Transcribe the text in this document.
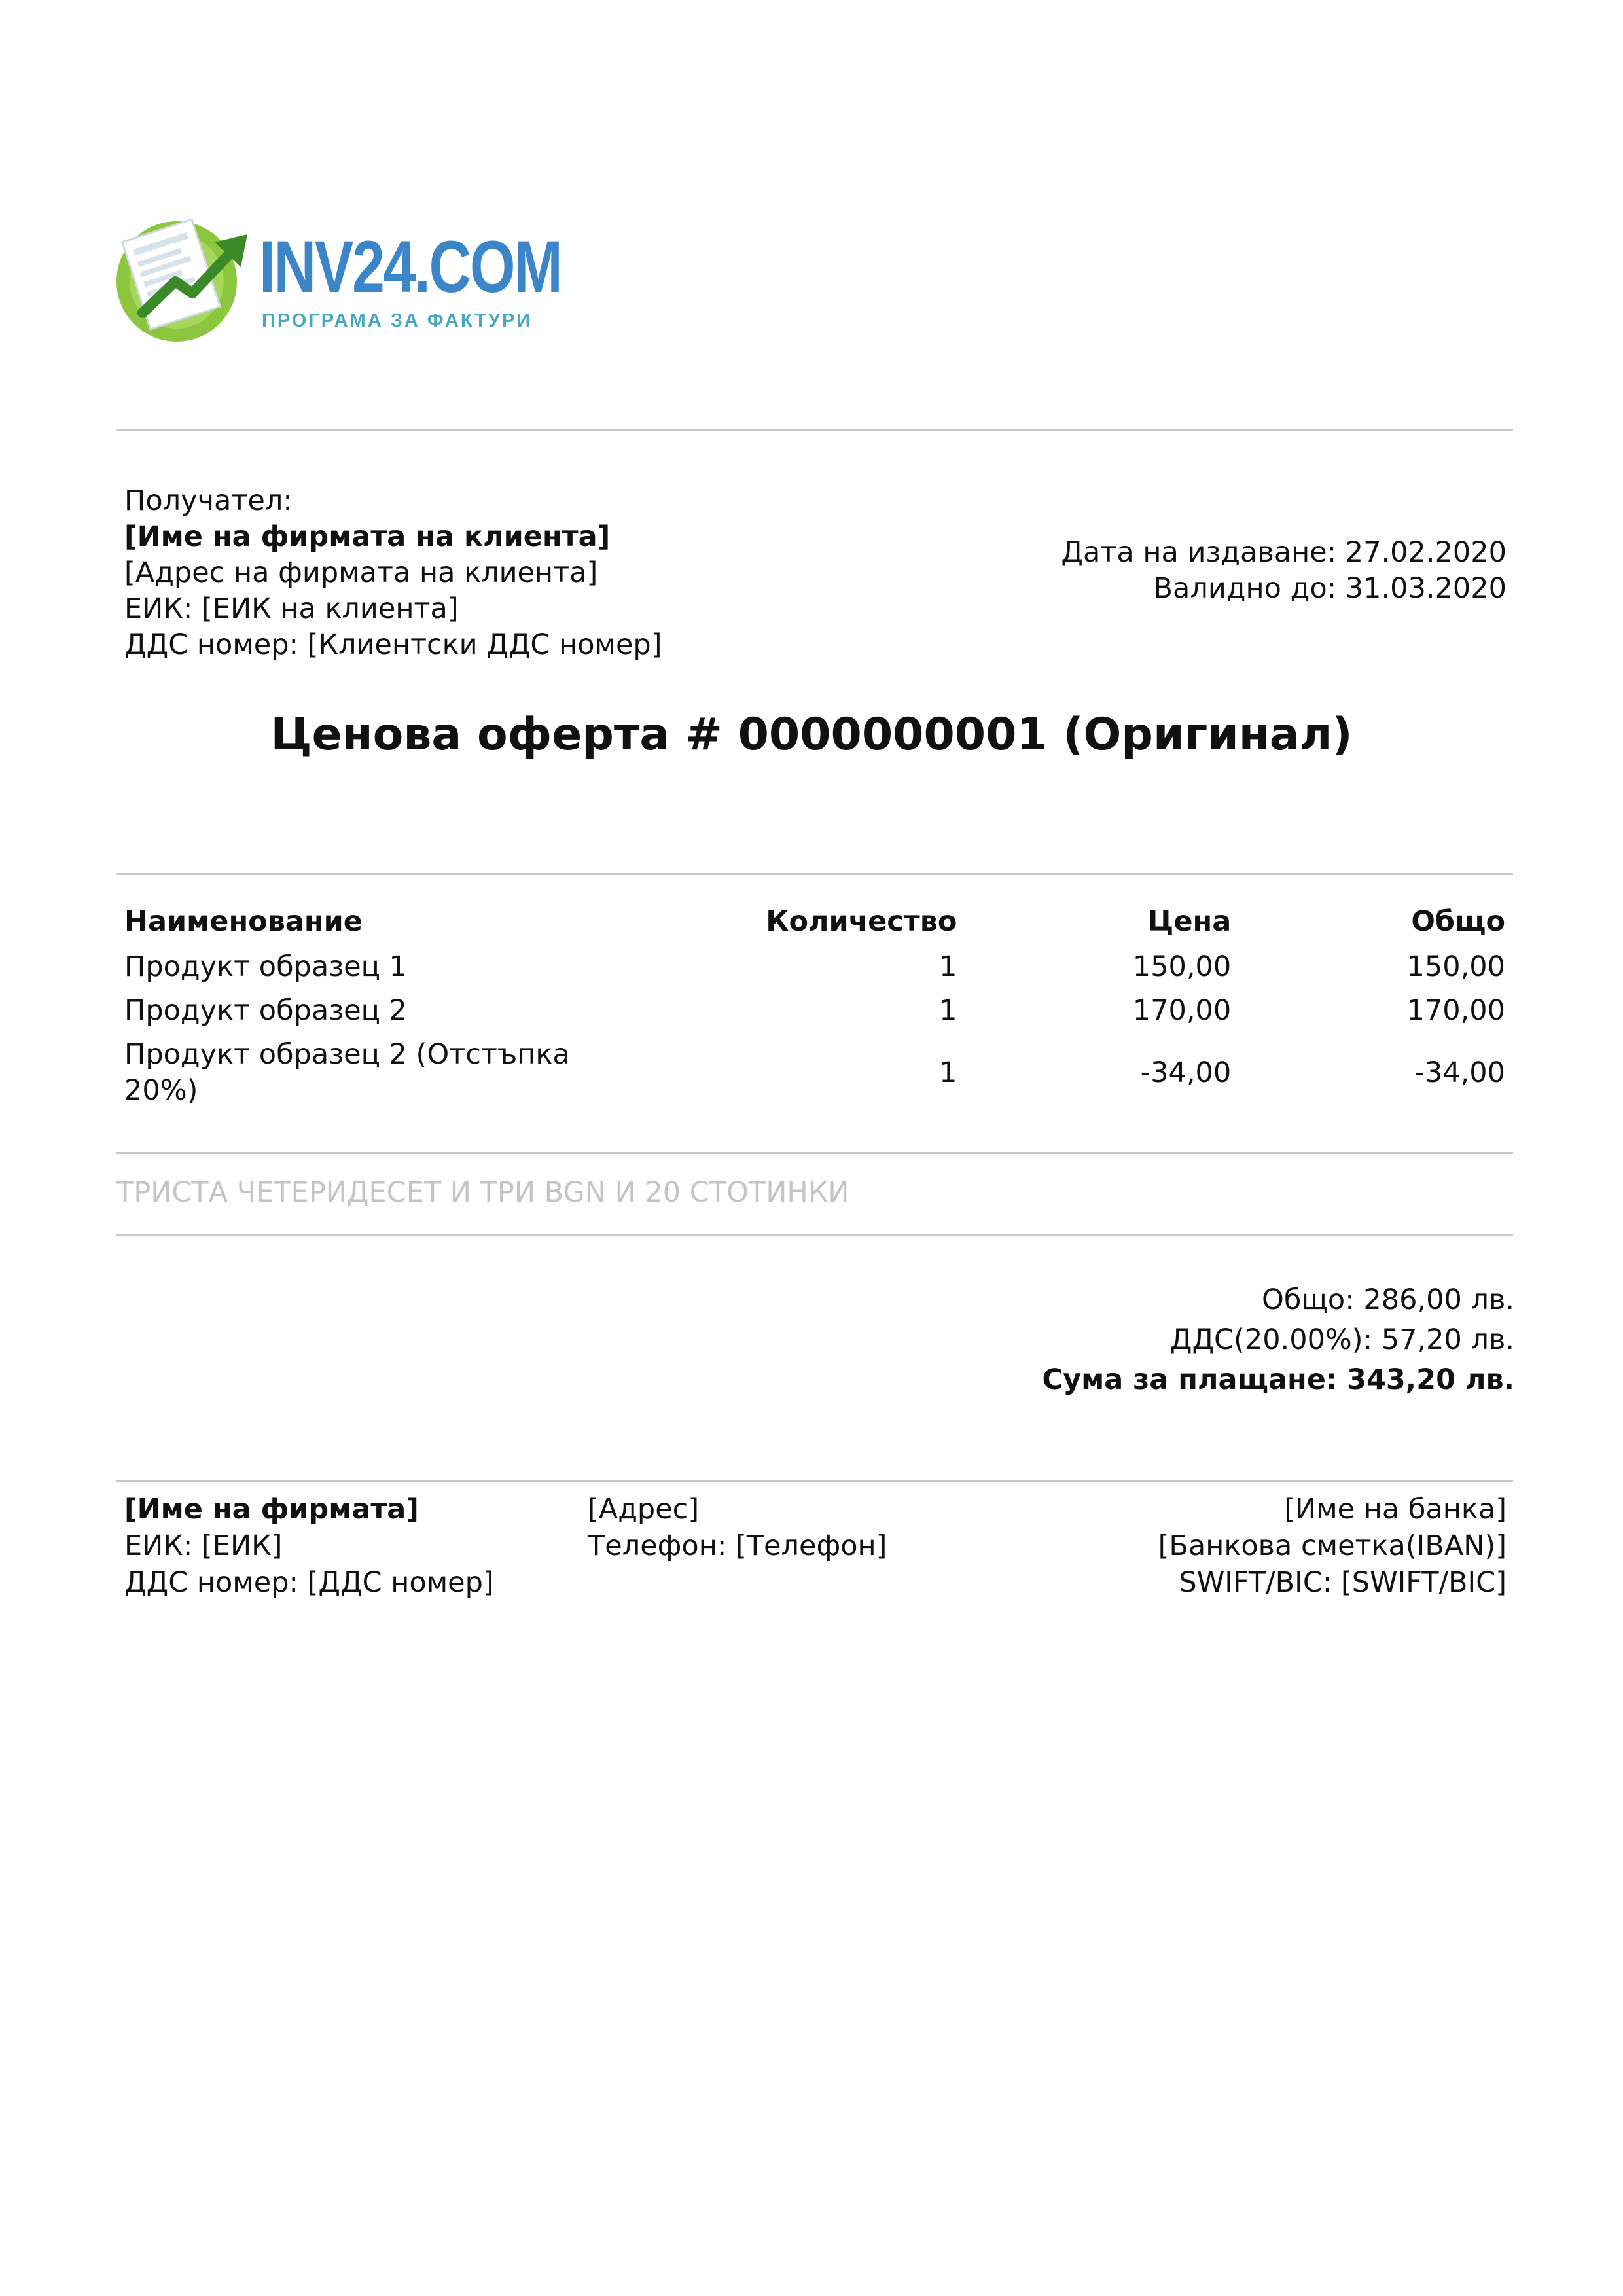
INV24.COM
ПРОГРАМА ЗА ФАКТУРИ
Получател:
[Име на фирмата на клиента]
[Адрес на фирмата на клиента]
ЕИК: [ЕИК на клиента]
ДДС номер: [Клиентски ДДС номер]
Дата на издаване: 27.02.2020
Валидно до: 31.03.2020
Ценова оферта # 0000000001 (Оригинал)
Наименование	Количество	Цена	Общо
Продукт образец 1	1	150,00	150,00
Продукт образец 2	1	170,00	170,00
Продукт образец 2 (Отстъпка 20%)	1	-34,00	-34,00
ТРИСТА ЧЕТЕРИДЕСЕТ И ТРИ BGN И 20 СТОТИНКИ
Общо: 286,00 лв.
ДДС(20.00%): 57,20 лв.
Сума за плащане: 343,20 лв.
[Име на фирмата]
ЕИК: [ЕИК]
ДДС номер: [ДДС номер]
[Адрес]
Телефон: [Телефон]
[Име на банка]
[Банкова сметка(IBAN)]
SWIFT/BIC: [SWIFT/BIC]
